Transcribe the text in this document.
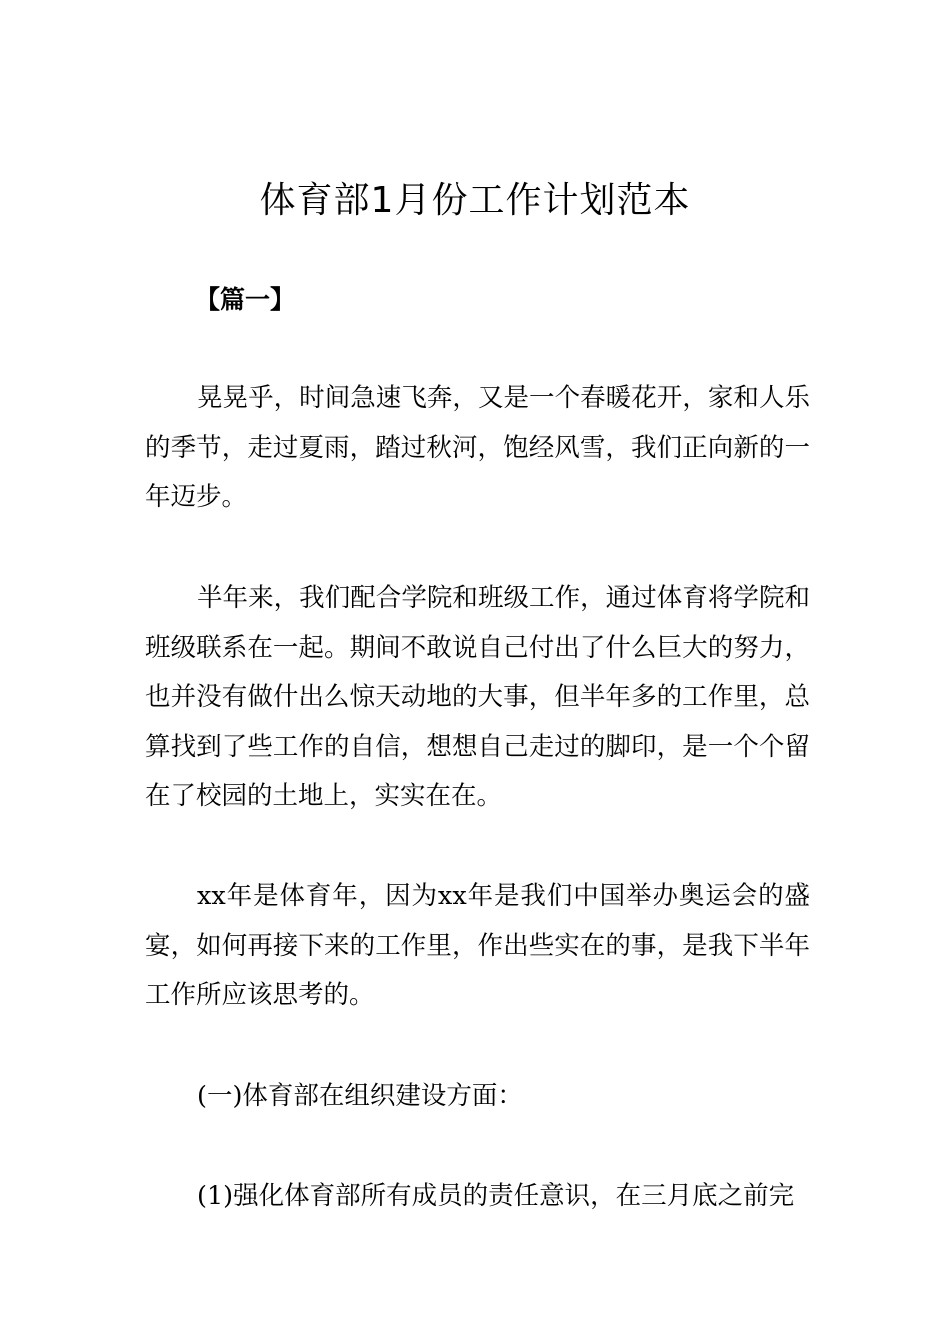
体育部1月份工作计划范本

【篇一】

晃晃乎，时间急速飞奔，又是一个春暖花开，家和人乐的季节，走过夏雨，踏过秋河，饱经风雪，我们正向新的一年迈步。

半年来，我们配合学院和班级工作，通过体育将学院和班级联系在一起。期间不敢说自己付出了什么巨大的努力，也并没有做什出么惊天动地的大事，但半年多的工作里，总算找到了些工作的自信，想想自己走过的脚印，是一个个留在了校园的土地上，实实在在。

xx年是体育年，因为xx年是我们中国举办奥运会的盛宴，如何再接下来的工作里，作出些实在的事，是我下半年工作所应该思考的。

(一)体育部在组织建设方面：

(1)强化体育部所有成员的责任意识，在三月底之前完
